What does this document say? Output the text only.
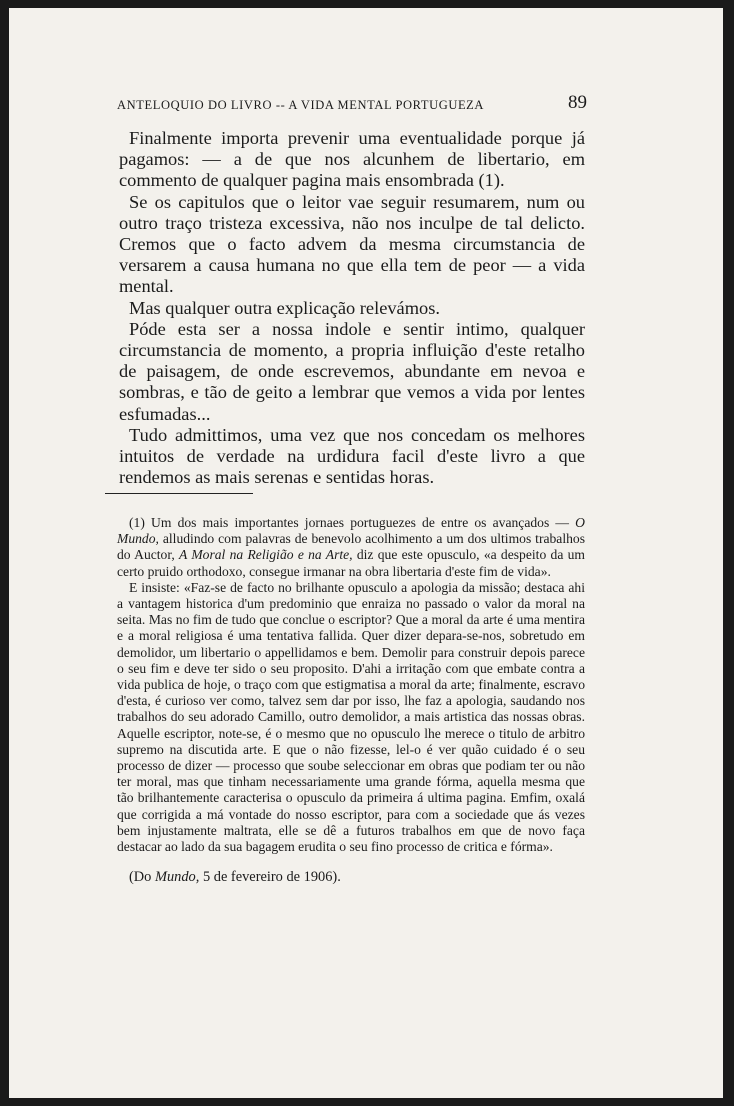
ANTELOQUIO DO LIVRO -- A VIDA MENTAL PORTUGUEZA	89

Finalmente importa prevenir uma eventualidade porque já pagamos: — a de que nos alcunhem de libertario, em commento de qualquer pagina mais ensombrada (1).

Se os capitulos que o leitor vae seguir resumarem, num ou outro traço tristeza excessiva, não nos inculpe de tal delicto. Cremos que o facto advem da mesma circumstancia de versarem a causa humana no que ella tem de peor — a vida mental.

Mas qualquer outra explicação relevámos.

Póde esta ser a nossa indole e sentir intimo, qualquer circumstancia de momento, a propria influição d'este retalho de paisagem, de onde escrevemos, abundante em nevoa e sombras, e tão de geito a lembrar que vemos a vida por lentes esfumadas...

Tudo admittimos, uma vez que nos concedam os melhores intuitos de verdade na urdidura facil d'este livro a que rendemos as mais serenas e sentidas horas.

(1) Um dos mais importantes jornaes portuguezes de entre os avançados — O Mundo, alludindo com palavras de benevolo acolhimento a um dos ultimos trabalhos do Auctor, A Moral na Religião e na Arte, diz que este opusculo, «a despeito da um certo pruido orthodoxo, consegue irmanar na obra libertaria d'este fim de vida».

E insiste: «Faz-se de facto no brilhante opusculo a apologia da missão; destaca ahi a vantagem historica d'um predominio que enraiza no passado o valor da moral na seita. Mas no fim de tudo que conclue o escriptor? Que a moral da arte é uma mentira e a moral religiosa é uma tentativa fallida. Quer dizer depara-se-nos, sobretudo em demolidor, um libertario o appellidamos e bem. Demolir para construir depois parece o seu fim e deve ter sido o seu proposito. D'ahi a irritação com que embate contra a vida publica de hoje, o traço com que estigmatisa a moral da arte; finalmente, escravo d'esta, é curioso ver como, talvez sem dar por isso, lhe faz a apologia, saudando nos trabalhos do seu adorado Camillo, outro demolidor, a mais artistica das nossas obras. Aquelle escriptor, note-se, é o mesmo que no opusculo lhe merece o titulo de arbitro supremo na discutida arte. E que o não fizesse, lel-o é ver quão cuidado é o seu processo de dizer — processo que soube seleccionar em obras que podiam ter ou não ter moral, mas que tinham necessariamente uma grande fórma, aquella mesma que tão brilhantemente caracterisa o opusculo da primeira á ultima pagina. Emfim, oxalá que corrigida a má vontade do nosso escriptor, para com a sociedade que ás vezes bem injustamente maltrata, elle se dê a futuros trabalhos em que de novo faça destacar ao lado da sua bagagem erudita o seu fino processo de critica e fórma».

(Do Mundo, 5 de fevereiro de 1906).
